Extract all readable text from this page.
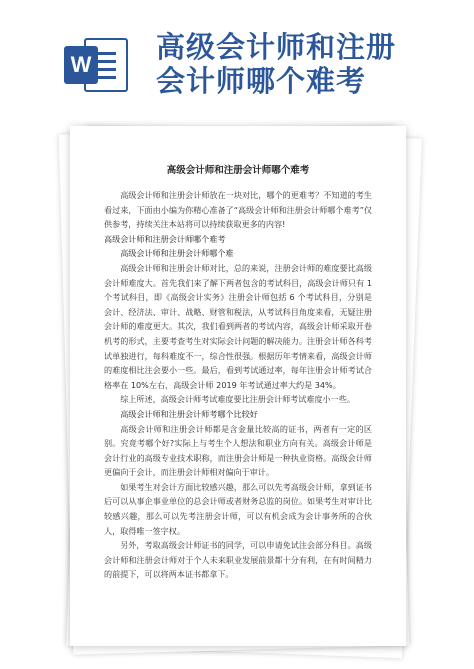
W
高级会计师和注册
会计师哪个难考

高级会计师和注册会计师哪个难考

高级会计师和注册会计师放在一块对比，哪个的更难考？不知道的考生看过来，下面由小编为你精心准备了“高级会计师和注册会计师哪个难考”仅供参考，持续关注本站将可以持续获取更多的内容!

高级会计师和注册会计师哪个难考

高级会计师和注册会计师哪个难

高级会计师和注册会计师对比，总的来说，注册会计师的难度要比高级会计师难度大。首先我们来了解下两者包含的考试科目，高级会计师只有 1 个考试科目，即《高级会计实务》注册会计师包括 6 个考试科目，分别是会计、经济法、审计、战略、财管和税法，从考试科目角度来看，无疑注册会计师的难度更大。其次，我们看到两者的考试内容，高级会计师采取开卷机考的形式，主要考查考生对实际会计问题的解决能力。注册会计师各科考试单独进行，每科难度不一，综合性很强。根据历年考情来看，高级会计师的难度相比注会要小一些。最后，看到考试通过率，每年注册会计师考试合格率在 10%左右，高级会计师 2019 年考试通过率大约是 34%。

综上所述，高级会计师考试难度要比注册会计师考试难度小一些。

高级会计师和注册会计师考哪个比较好

高级会计师和注册会计师都是含金量比较高的证书，两者有一定的区别。究竟考哪个好?实际上与考生个人想法和职业方向有关。高级会计师是会计行业的高级专业技术职称，而注册会计师是一种执业资格。高级会计师更偏向于会计，而注册会计师相对偏向于审计。

如果考生对会计方面比较感兴趣，那么可以先考高级会计师，拿到证书后可以从事企事业单位的总会计师或者财务总监的岗位。如果考生对审计比较感兴趣，那么可以先考注册会计师，可以有机会成为会计事务所的合伙人，取得唯一签字权。

另外，考取高级会计师证书的同学，可以申请免试注会部分科目。高级会计师和注册会计师对于个人未来职业发展前景都十分有利，在有时间精力的前提下，可以将两本证书都拿下。
